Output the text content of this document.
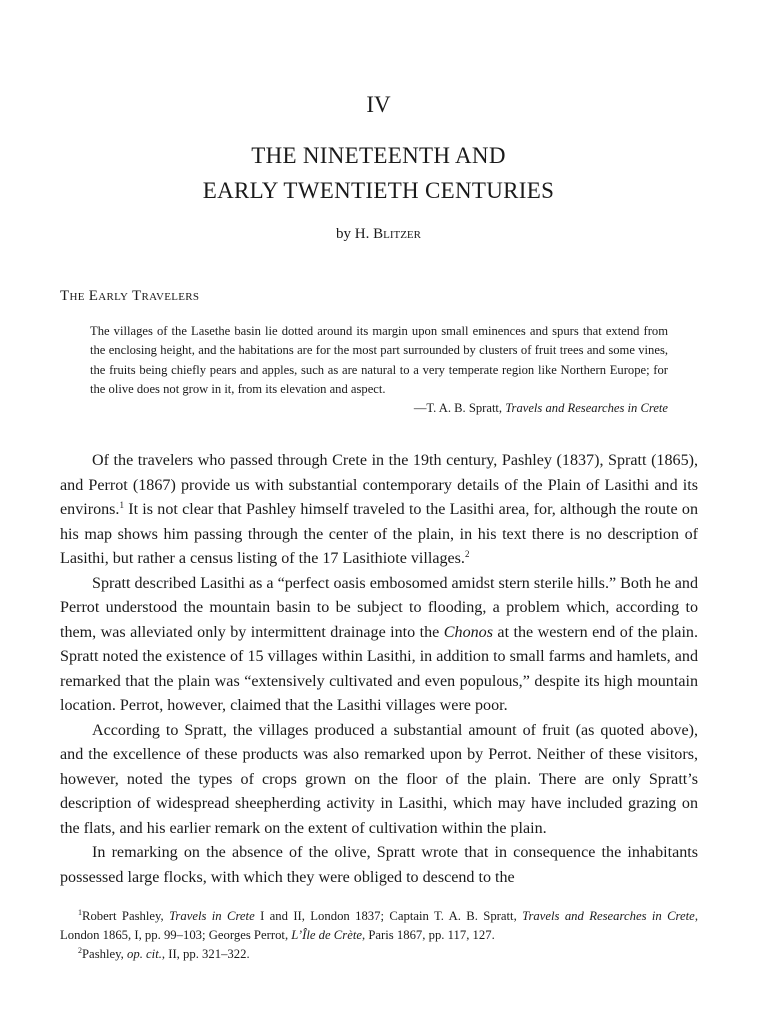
IV
THE NINETEENTH AND
EARLY TWENTIETH CENTURIES
by H. Blitzer
The Early Travelers

The villages of the Lasethe basin lie dotted around its margin upon small eminences and spurs that extend from the enclosing height, and the habitations are for the most part surrounded by clusters of fruit trees and some vines, the fruits being chiefly pears and apples, such as are natural to a very temperate region like Northern Europe; for the olive does not grow in it, from its elevation and aspect.

—T. A. B. Spratt, Travels and Researches in Crete

Of the travelers who passed through Crete in the 19th century, Pashley (1837), Spratt (1865), and Perrot (1867) provide us with substantial contemporary details of the Plain of Lasithi and its environs.$^1$ It is not clear that Pashley himself traveled to the Lasithi area, for, although the route on his map shows him passing through the center of the plain, in his text there is no description of Lasithi, but rather a census listing of the 17 Lasithiote villages.$^2$

Spratt described Lasithi as a “perfect oasis embosomed amidst stern sterile hills.” Both he and Perrot understood the mountain basin to be subject to flooding, a problem which, according to them, was alleviated only by intermittent drainage into the Chonos at the western end of the plain. Spratt noted the existence of 15 villages within Lasithi, in addition to small farms and hamlets, and remarked that the plain was “extensively cultivated and even populous,” despite its high mountain location. Perrot, however, claimed that the Lasithi villages were poor.

According to Spratt, the villages produced a substantial amount of fruit (as quoted above), and the excellence of these products was also remarked upon by Perrot. Neither of these visitors, however, noted the types of crops grown on the floor of the plain. There are only Spratt’s description of widespread sheepherding activity in Lasithi, which may have included grazing on the flats, and his earlier remark on the extent of cultivation within the plain.

In remarking on the absence of the olive, Spratt wrote that in consequence the inhabitants possessed large flocks, with which they were obliged to descend to the

$^1$Robert Pashley, Travels in Crete I and II, London 1837; Captain T. A. B. Spratt, Travels and Researches in Crete, London 1865, I, pp. 99–103; Georges Perrot, L’Île de Crète, Paris 1867, pp. 117, 127.

$^2$Pashley, op. cit., II, pp. 321–322.
